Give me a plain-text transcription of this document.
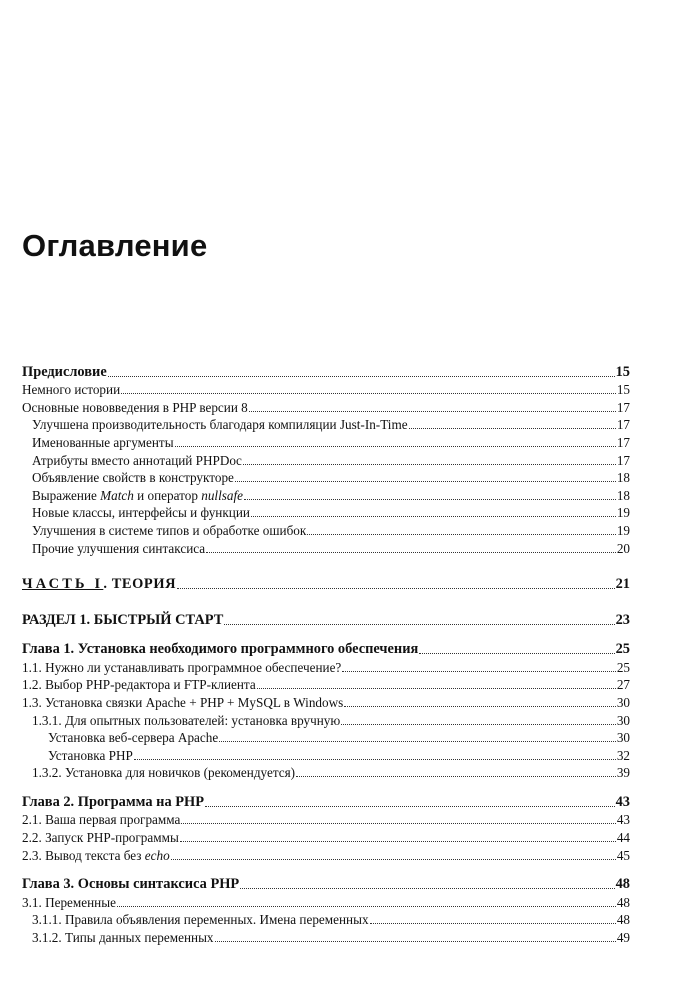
Оглавление
Предисловие	15
Немного истории	15
Основные нововведения в PHP версии 8	17
Улучшена производительность благодаря компиляции Just-In-Time	17
Именованные аргументы	17
Атрибуты вместо аннотаций PHPDoc	17
Объявление свойств в конструкторе	18
Выражение Match и оператор nullsafe	18
Новые классы, интерфейсы и функции	19
Улучшения в системе типов и обработке ошибок	19
Прочие улучшения синтаксиса	20
ЧАСТЬ I. ТЕОРИЯ	21
РАЗДЕЛ 1. БЫСТРЫЙ СТАРТ	23
Глава 1. Установка необходимого программного обеспечения	25
1.1. Нужно ли устанавливать программное обеспечение?	25
1.2. Выбор PHP-редактора и FTP-клиента	27
1.3. Установка связки Apache + PHP + MySQL в Windows	30
1.3.1. Для опытных пользователей: установка вручную	30
Установка веб-сервера Apache	30
Установка PHP	32
1.3.2. Установка для новичков (рекомендуется)	39
Глава 2. Программа на PHP	43
2.1. Ваша первая программа	43
2.2. Запуск PHP-программы	44
2.3. Вывод текста без echo	45
Глава 3. Основы синтаксиса PHP	48
3.1. Переменные	48
3.1.1. Правила объявления переменных. Имена переменных	48
3.1.2. Типы данных переменных	49
